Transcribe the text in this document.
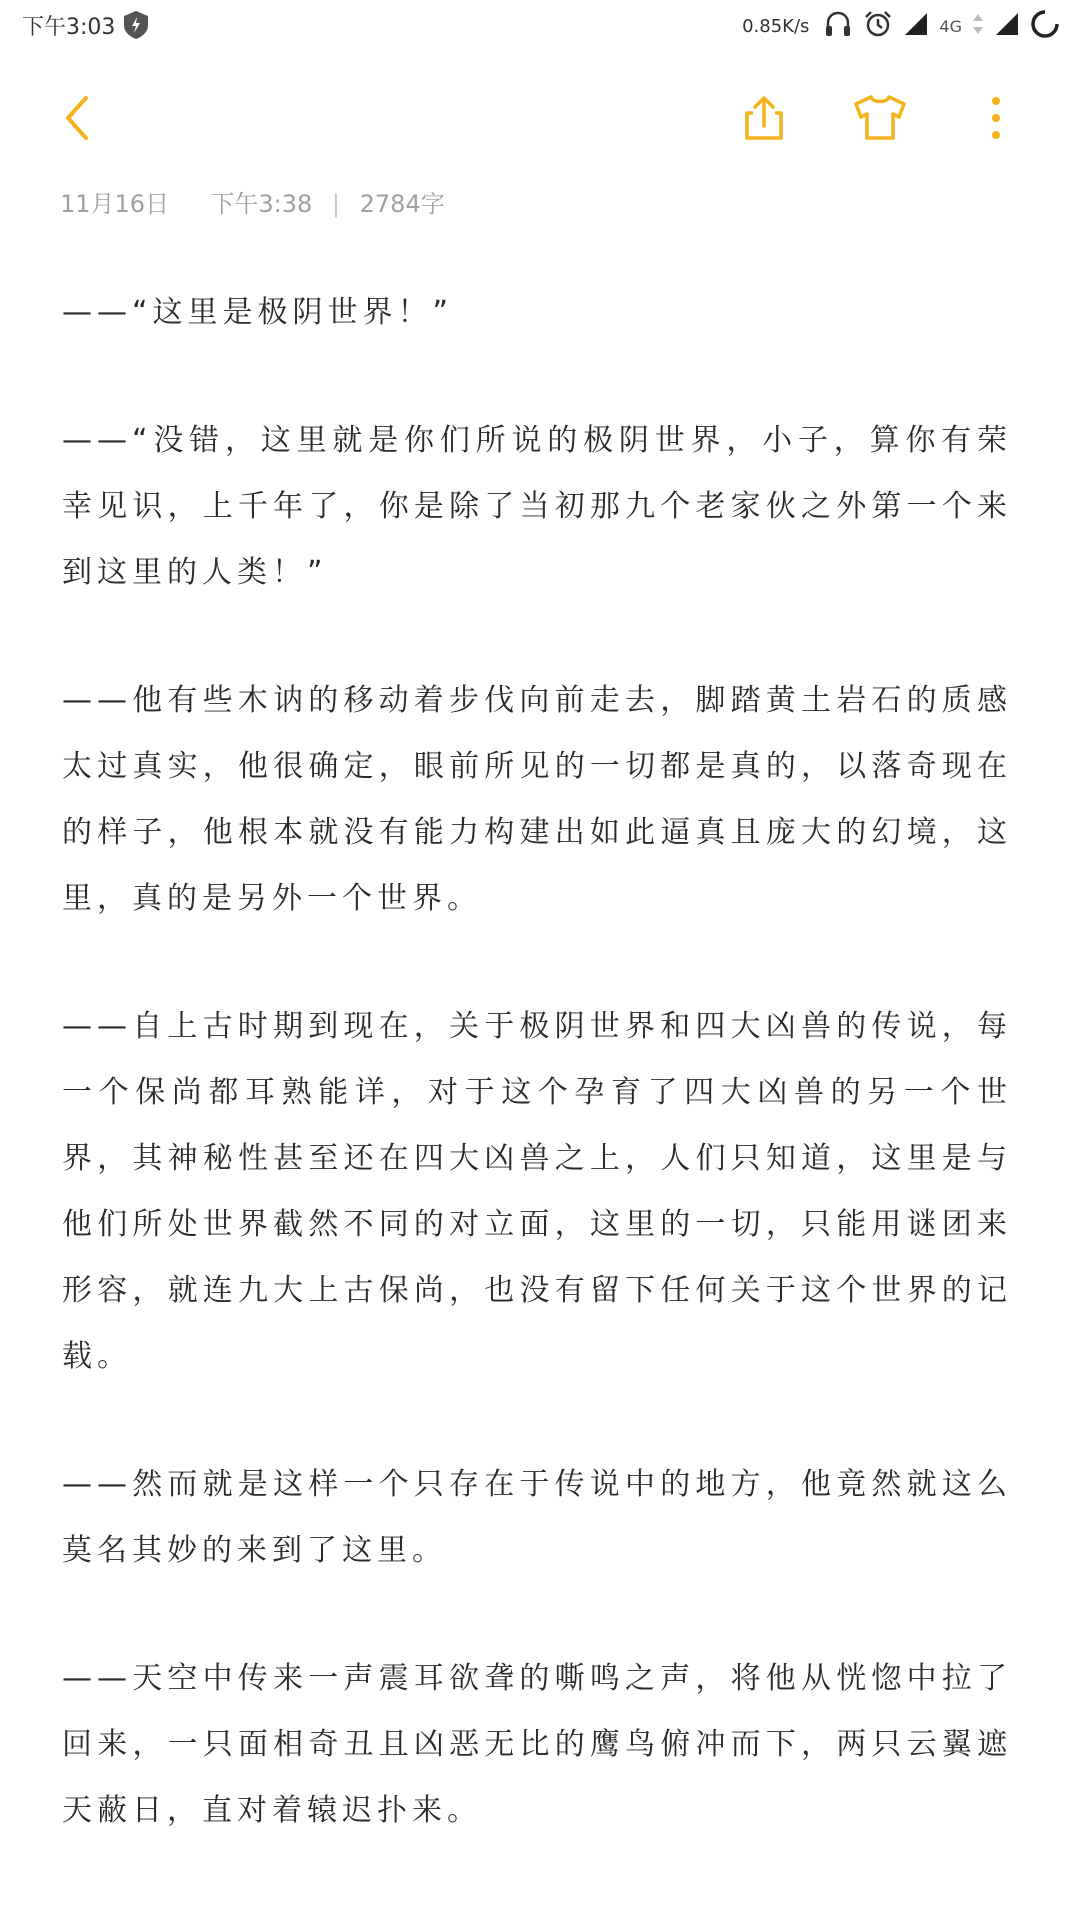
下午3:03	0.85K/s	4G
11月16日 下午3:38 | 2784字

——“这里是极阴世界！”

——“没错，这里就是你们所说的极阴世界，小子，算你有荣幸见识，上千年了，你是除了当初那九个老家伙之外第一个来到这里的人类！”

——他有些木讷的移动着步伐向前走去，脚踏黄土岩石的质感太过真实，他很确定，眼前所见的一切都是真的，以落奇现在的样子，他根本就没有能力构建出如此逼真且庞大的幻境，这里，真的是另外一个世界。

——自上古时期到现在，关于极阴世界和四大凶兽的传说，每一个保尚都耳熟能详，对于这个孕育了四大凶兽的另一个世界，其神秘性甚至还在四大凶兽之上，人们只知道，这里是与他们所处世界截然不同的对立面，这里的一切，只能用谜团来形容，就连九大上古保尚，也没有留下任何关于这个世界的记载。

——然而就是这样一个只存在于传说中的地方，他竟然就这么莫名其妙的来到了这里。

——天空中传来一声震耳欲聋的嘶鸣之声，将他从恍惚中拉了回来，一只面相奇丑且凶恶无比的鹰鸟俯冲而下，两只云翼遮天蔽日，直对着辕迟扑来。
